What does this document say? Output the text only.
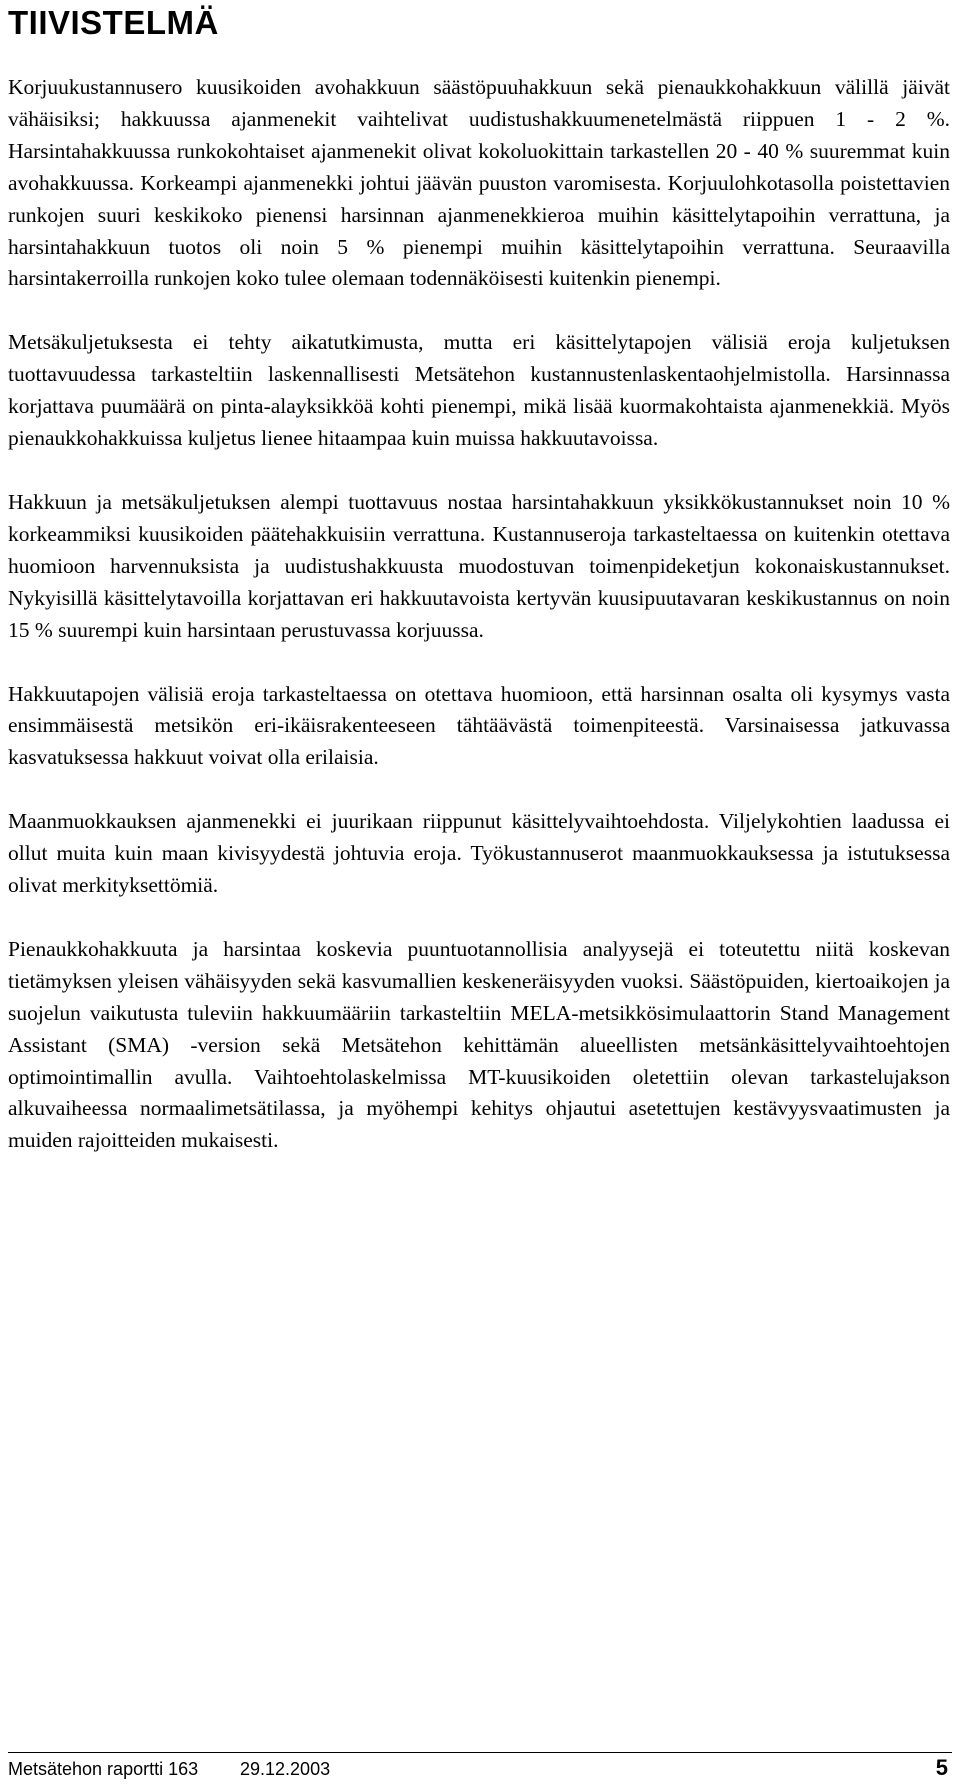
TIIVISTELMÄ

Korjuukustannusero kuusikoiden avohakkuun säästöpuuhakkuun sekä pienaukkohakkuun välillä jäivät vähäisiksi; hakkuussa ajanmenekit vaihtelivat uudistushakkuumenetelmästä riippuen 1 - 2 %. Harsintahakkuussa runkokohtaiset ajanmenekit olivat kokoluokittain tarkastellen 20 - 40 % suuremmat kuin avohakkuussa. Korkeampi ajanmenekki johtui jäävän puuston varomisesta. Korjuulohkotasolla poistettavien runkojen suuri keskikoko pienensi harsinnan ajanmenekkieroa muihin käsittelytapoihin verrattuna, ja harsintahakkuun tuotos oli noin 5 % pienempi muihin käsittelytapoihin verrattuna. Seuraavilla harsintakerroilla runkojen koko tulee olemaan todennäköisesti kuitenkin pienempi.

Metsäkuljetuksesta ei tehty aikatutkimusta, mutta eri käsittelytapojen välisiä eroja kuljetuksen tuottavuudessa tarkasteltiin laskennallisesti Metsätehon kustannustenlaskentaohjelmistolla. Harsinnassa korjattava puumäärä on pinta-alayksikköä kohti pienempi, mikä lisää kuormakohtaista ajanmenekkiä. Myös pienaukkohakkuissa kuljetus lienee hitaampaa kuin muissa hakkuutavoissa.

Hakkuun ja metsäkuljetuksen alempi tuottavuus nostaa harsintahakkuun yksikkökustannukset noin 10 % korkeammiksi kuusikoiden päätehakkuisiin verrattuna. Kustannuseroja tarkasteltaessa on kuitenkin otettava huomioon harvennuksista ja uudistushakkuusta muodostuvan toimenpideketjun kokonaiskustannukset. Nykyisillä käsittelytavoilla korjattavan eri hakkuutavoista kertyvän kuusipuutavaran keskikustannus on noin 15 % suurempi kuin harsintaan perustuvassa korjuussa.

Hakkuutapojen välisiä eroja tarkasteltaessa on otettava huomioon, että harsinnan osalta oli kysymys vasta ensimmäisestä metsikön eri-ikäisrakenteeseen tähtäävästä toimenpiteestä. Varsinaisessa jatkuvassa kasvatuksessa hakkuut voivat olla erilaisia.

Maanmuokkauksen ajanmenekki ei juurikaan riippunut käsittelyvaihtoehdosta. Viljelykohtien laadussa ei ollut muita kuin maan kivisyydestä johtuvia eroja. Työkustannuserot maanmuokkauksessa ja istutuksessa olivat merkityksettömiä.

Pienaukkohakkuuta ja harsintaa koskevia puuntuotannollisia analyysejä ei toteutettu niitä koskevan tietämyksen yleisen vähäisyyden sekä kasvumallien keskeneräisyyden vuoksi. Säästöpuiden, kiertoaikojen ja suojelun vaikutusta tuleviin hakkuumääriin tarkasteltiin MELA-metsikkösimulaattorin Stand Management Assistant (SMA) -version sekä Metsätehon kehittämän alueellisten metsänkäsittelyvaihtoehtojen optimointimallin avulla. Vaihtoehtolaskelmissa MT-kuusikoiden oletettiin olevan tarkastelujakson alkuvaiheessa normaalimetsätilassa, ja myöhempi kehitys ohjautui asetettujen kestävyysvaatimusten ja muiden rajoitteiden mukaisesti.

Metsätehon raportti 163 29.12.2003	5
